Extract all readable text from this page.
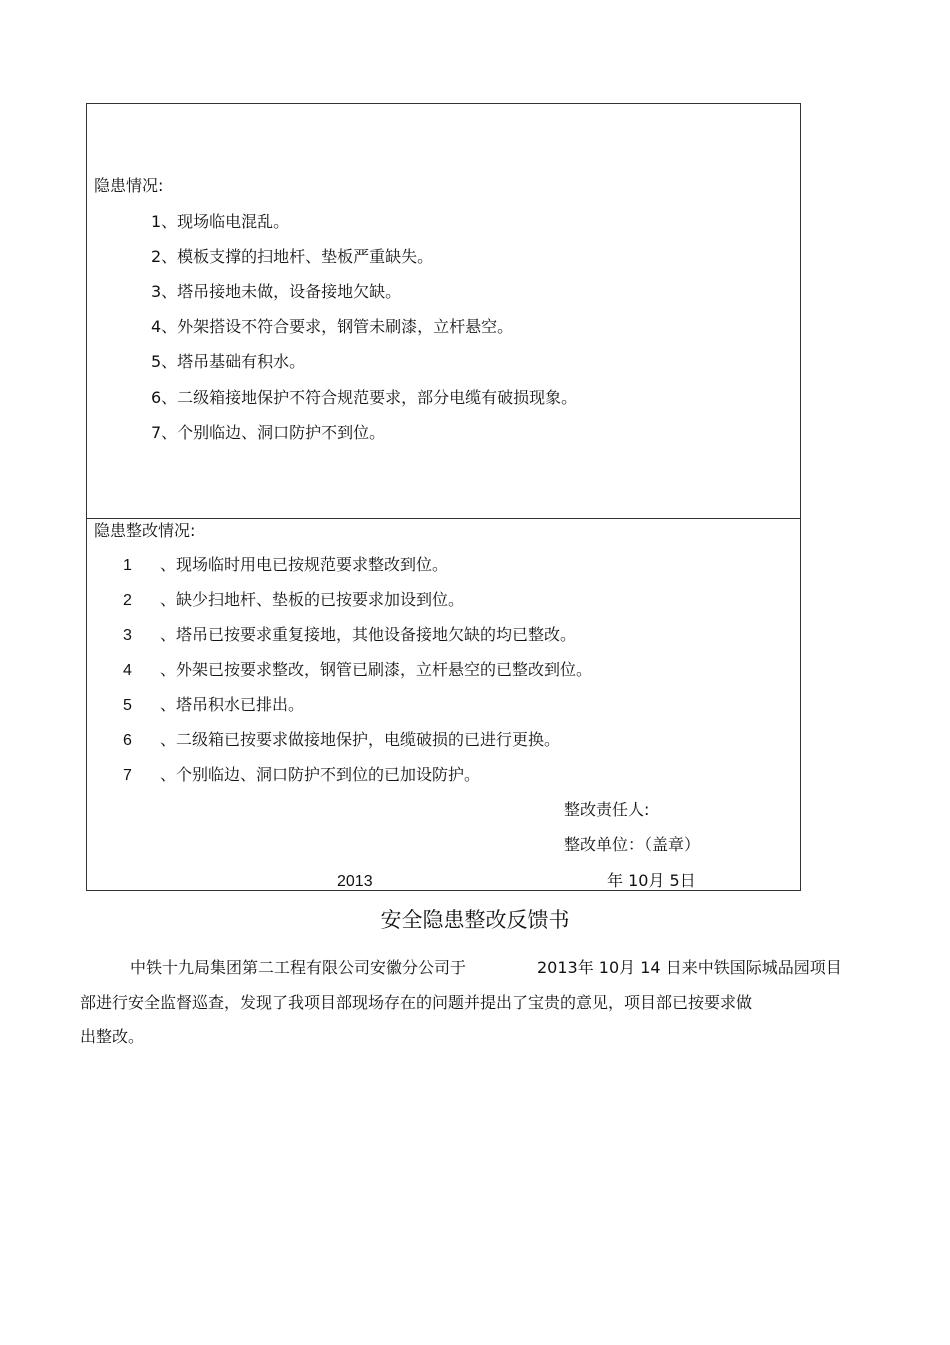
隐患情况:
1、现场临电混乱。
2、模板支撑的扫地杆、垫板严重缺失。
3、塔吊接地未做，设备接地欠缺。
4、外架搭设不符合要求，钢管未刷漆，立杆悬空。
5、塔吊基础有积水。
6、二级箱接地保护不符合规范要求，部分电缆有破损现象。
7、个别临边、洞口防护不到位。
隐患整改情况:
1 、现场临时用电已按规范要求整改到位。
2 、缺少扫地杆、垫板的已按要求加设到位。
3 、塔吊已按要求重复接地，其他设备接地欠缺的均已整改。
4 、外架已按要求整改，钢管已刷漆，立杆悬空的已整改到位。
5 、塔吊积水已排出。
6 、二级箱已按要求做接地保护，电缆破损的已进行更换。
7 、个别临边、洞口防护不到位的已加设防护。
整改责任人:
整改单位：（盖章）
2013	年 10月 5日
安全隐患整改反馈书
中铁十九局集团第二工程有限公司安徽分公司于	2013年 10月 14 日来中铁国际城品园项目
部进行安全监督巡查，发现了我项目部现场存在的问题并提出了宝贵的意见，项目部已按要求做
出整改。
